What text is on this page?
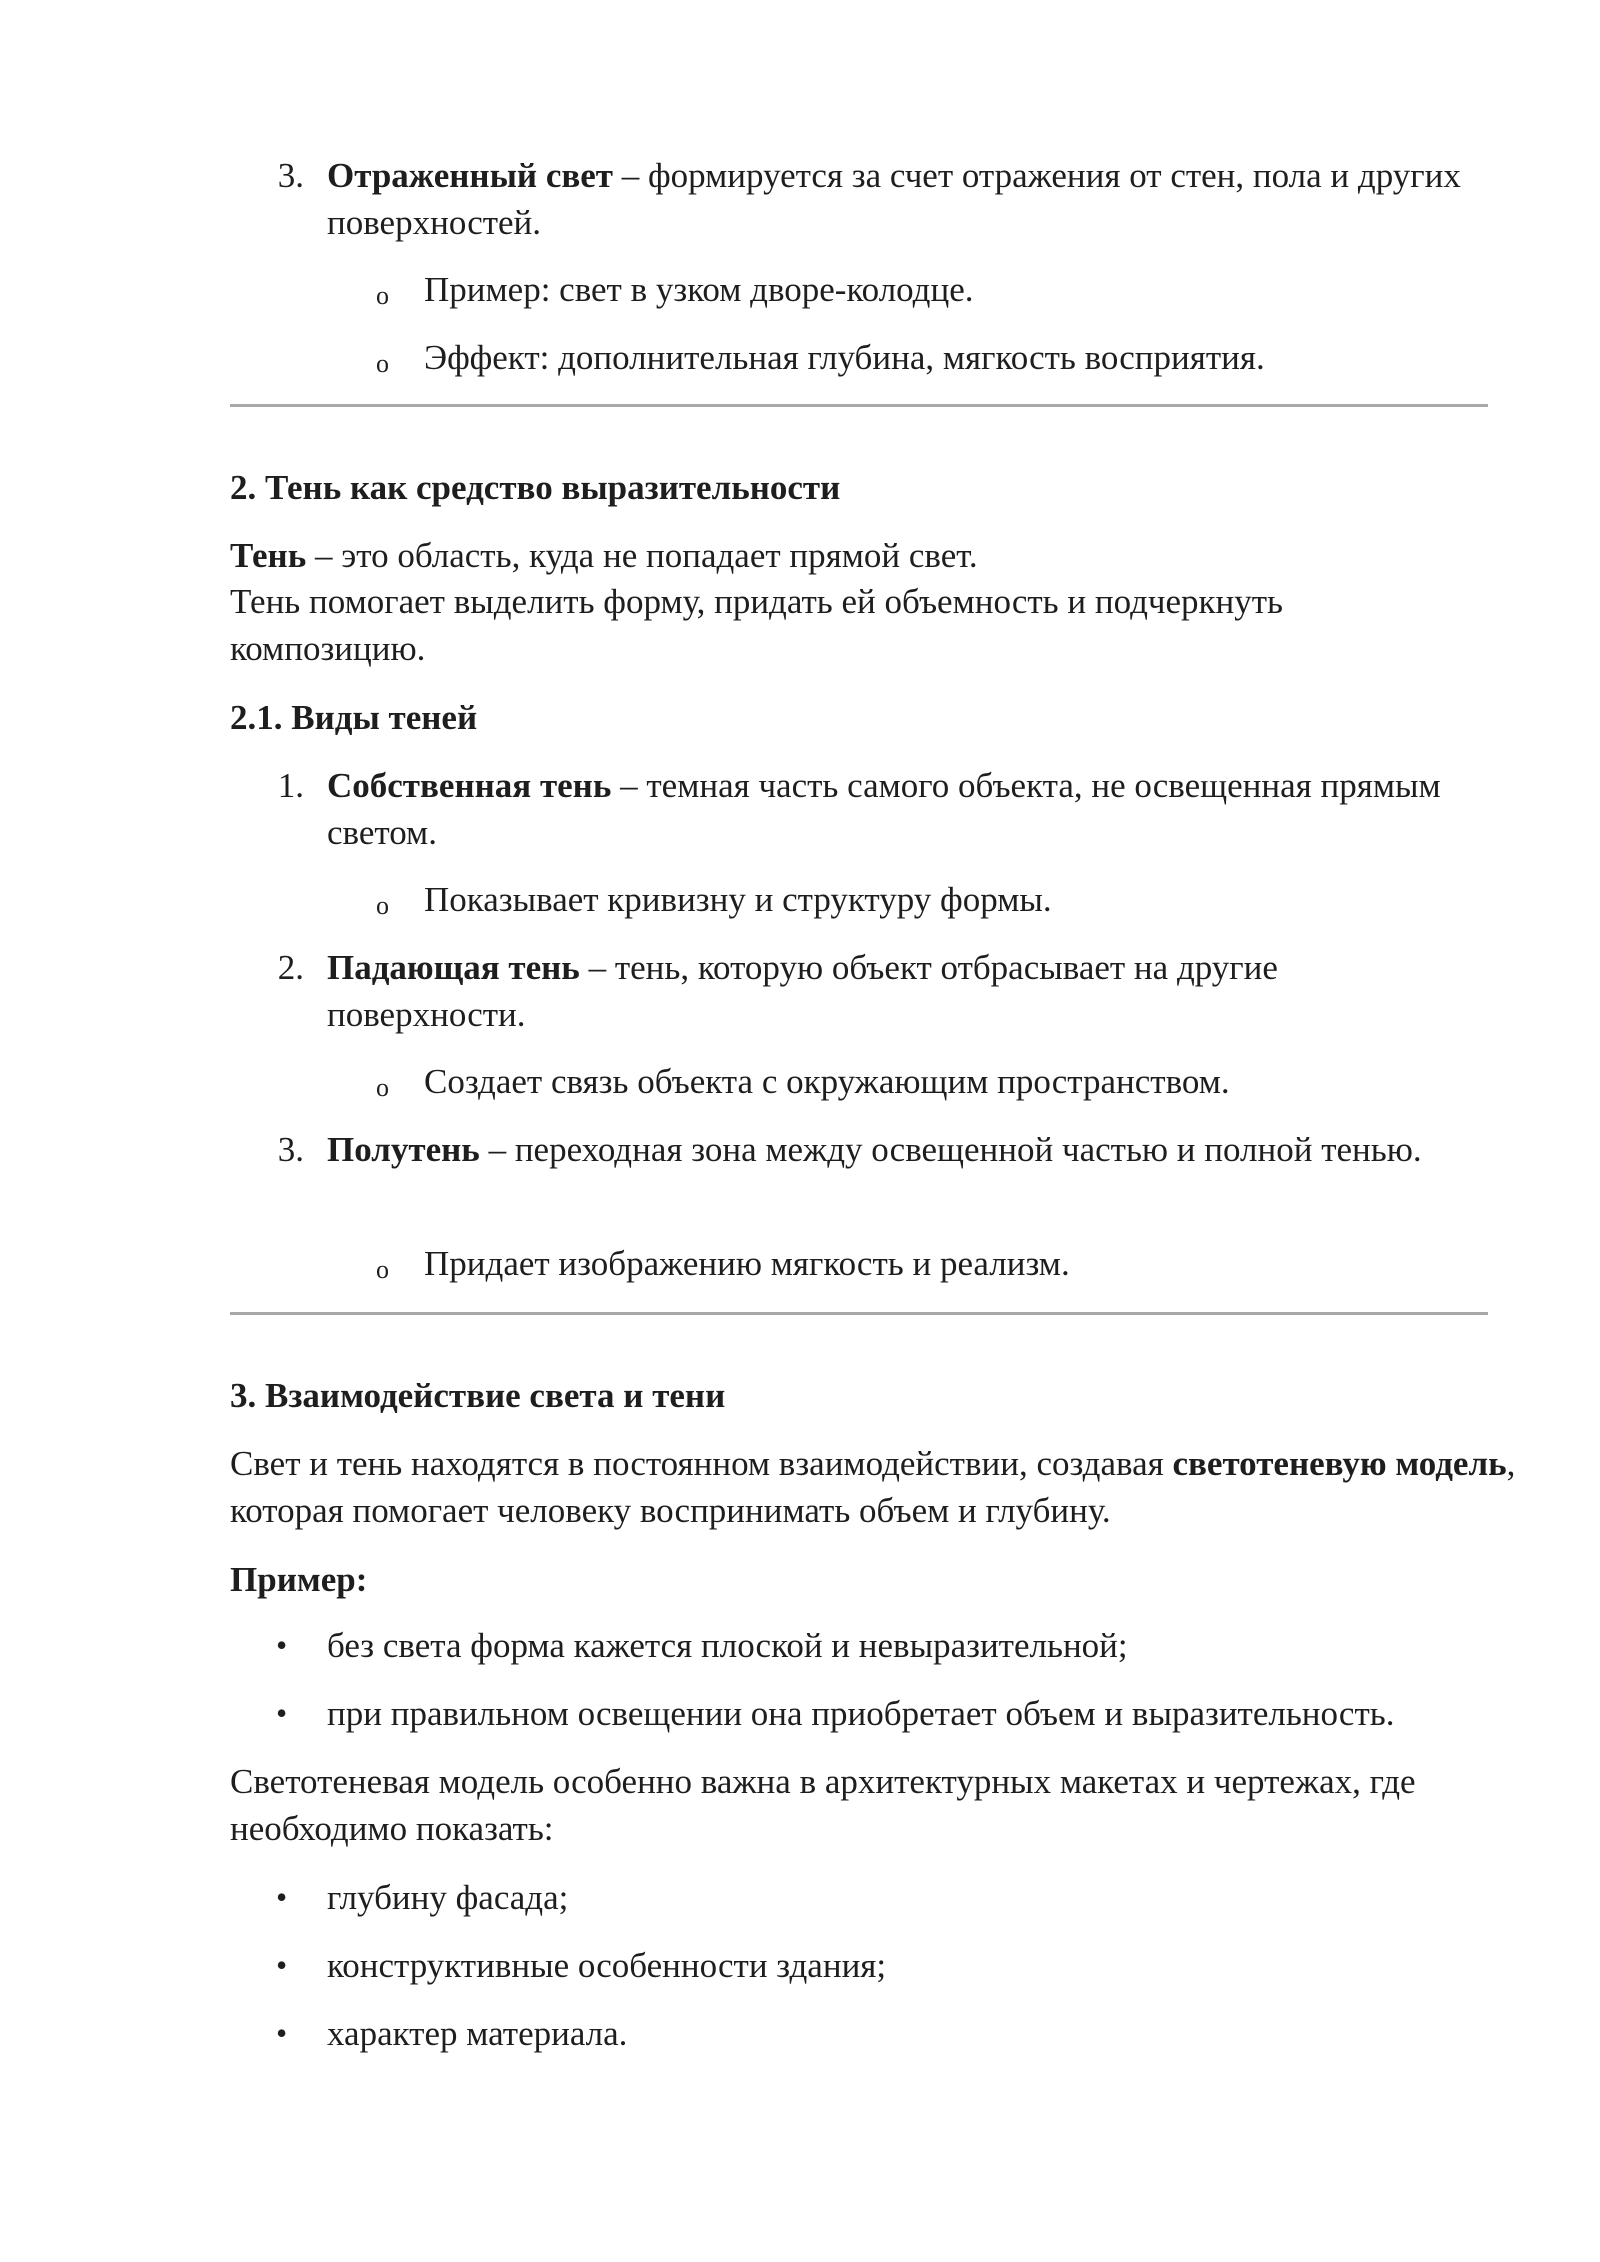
3. Отраженный свет – формируется за счет отражения от стен, пола и других поверхностей.
o Пример: свет в узком дворе-колодце.
o Эффект: дополнительная глубина, мягкость восприятия.
2. Тень как средство выразительности
Тень – это область, куда не попадает прямой свет.
Тень помогает выделить форму, придать ей объемность и подчеркнуть композицию.
2.1. Виды теней
1. Собственная тень – темная часть самого объекта, не освещенная прямым светом.
o Показывает кривизну и структуру формы.
2. Падающая тень – тень, которую объект отбрасывает на другие поверхности.
o Создает связь объекта с окружающим пространством.
3. Полутень – переходная зона между освещенной частью и полной тенью.
o Придает изображению мягкость и реализм.
3. Взаимодействие света и тени
Свет и тень находятся в постоянном взаимодействии, создавая светотеневую модель, которая помогает человеку воспринимать объем и глубину.
Пример:
• без света форма кажется плоской и невыразительной;
• при правильном освещении она приобретает объем и выразительность.
Светотеневая модель особенно важна в архитектурных макетах и чертежах, где необходимо показать:
• глубину фасада;
• конструктивные особенности здания;
• характер материала.
